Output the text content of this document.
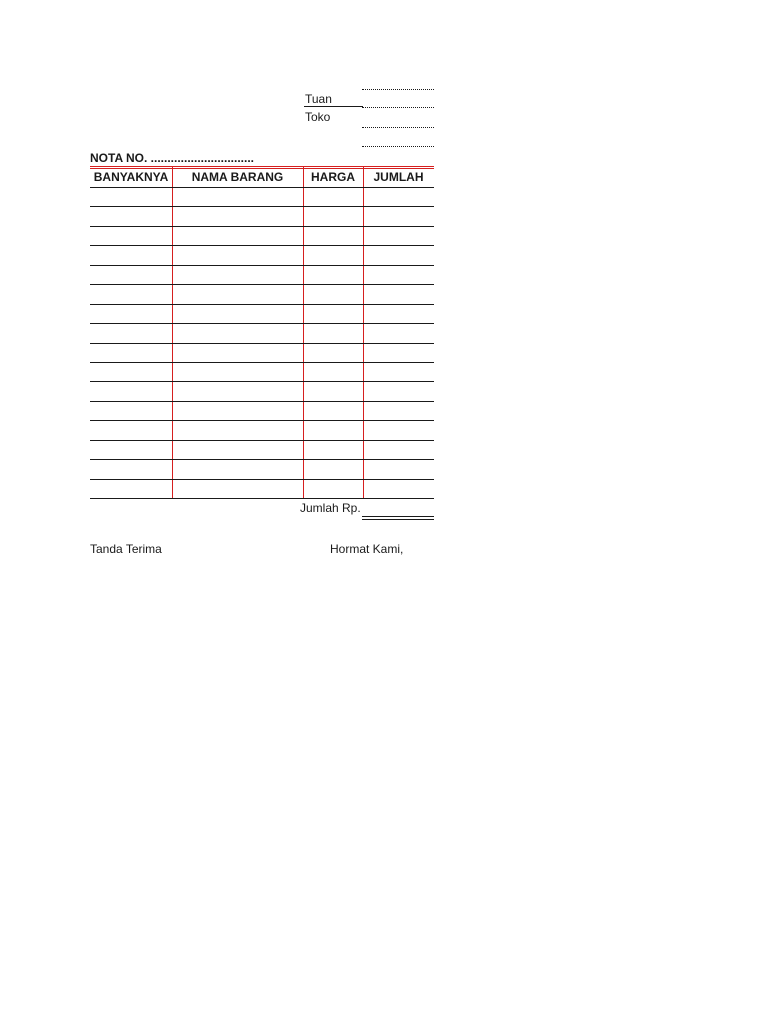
Tuan
Toko
NOTA NO. ...............................
BANYAKNYA	NAMA BARANG	HARGA	JUMLAH
Jumlah Rp.
Tanda Terima	Hormat Kami,
